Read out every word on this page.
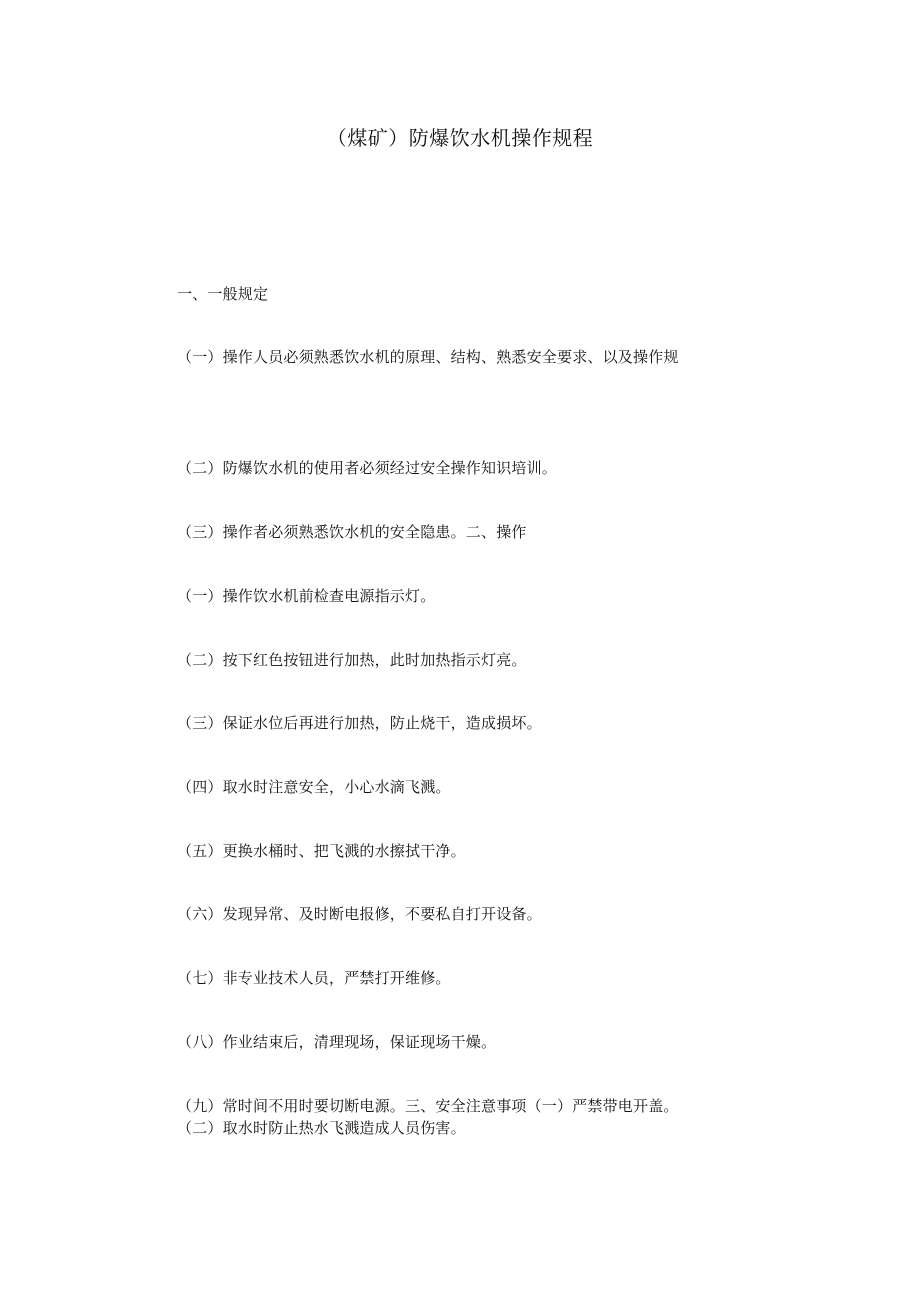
（煤矿）防爆饮水机操作规程
一、一般规定
（一）操作人员必须熟悉饮水机的原理、结构、熟悉安全要求、以及操作规
（二）防爆饮水机的使用者必须经过安全操作知识培训。
（三）操作者必须熟悉饮水机的安全隐患。二、操作
（一）操作饮水机前检查电源指示灯。
（二）按下红色按钮进行加热，此时加热指示灯亮。
（三）保证水位后再进行加热，防止烧干，造成损坏。
（四）取水时注意安全，小心水滴飞溅。
（五）更换水桶时、把飞溅的水擦拭干净。
（六）发现异常、及时断电报修，不要私自打开设备。
（七）非专业技术人员，严禁打开维修。
（八）作业结束后，清理现场，保证现场干燥。
（九）常时间不用时要切断电源。三、安全注意事项（一）严禁带电开盖。
（二）取水时防止热水飞溅造成人员伤害。
